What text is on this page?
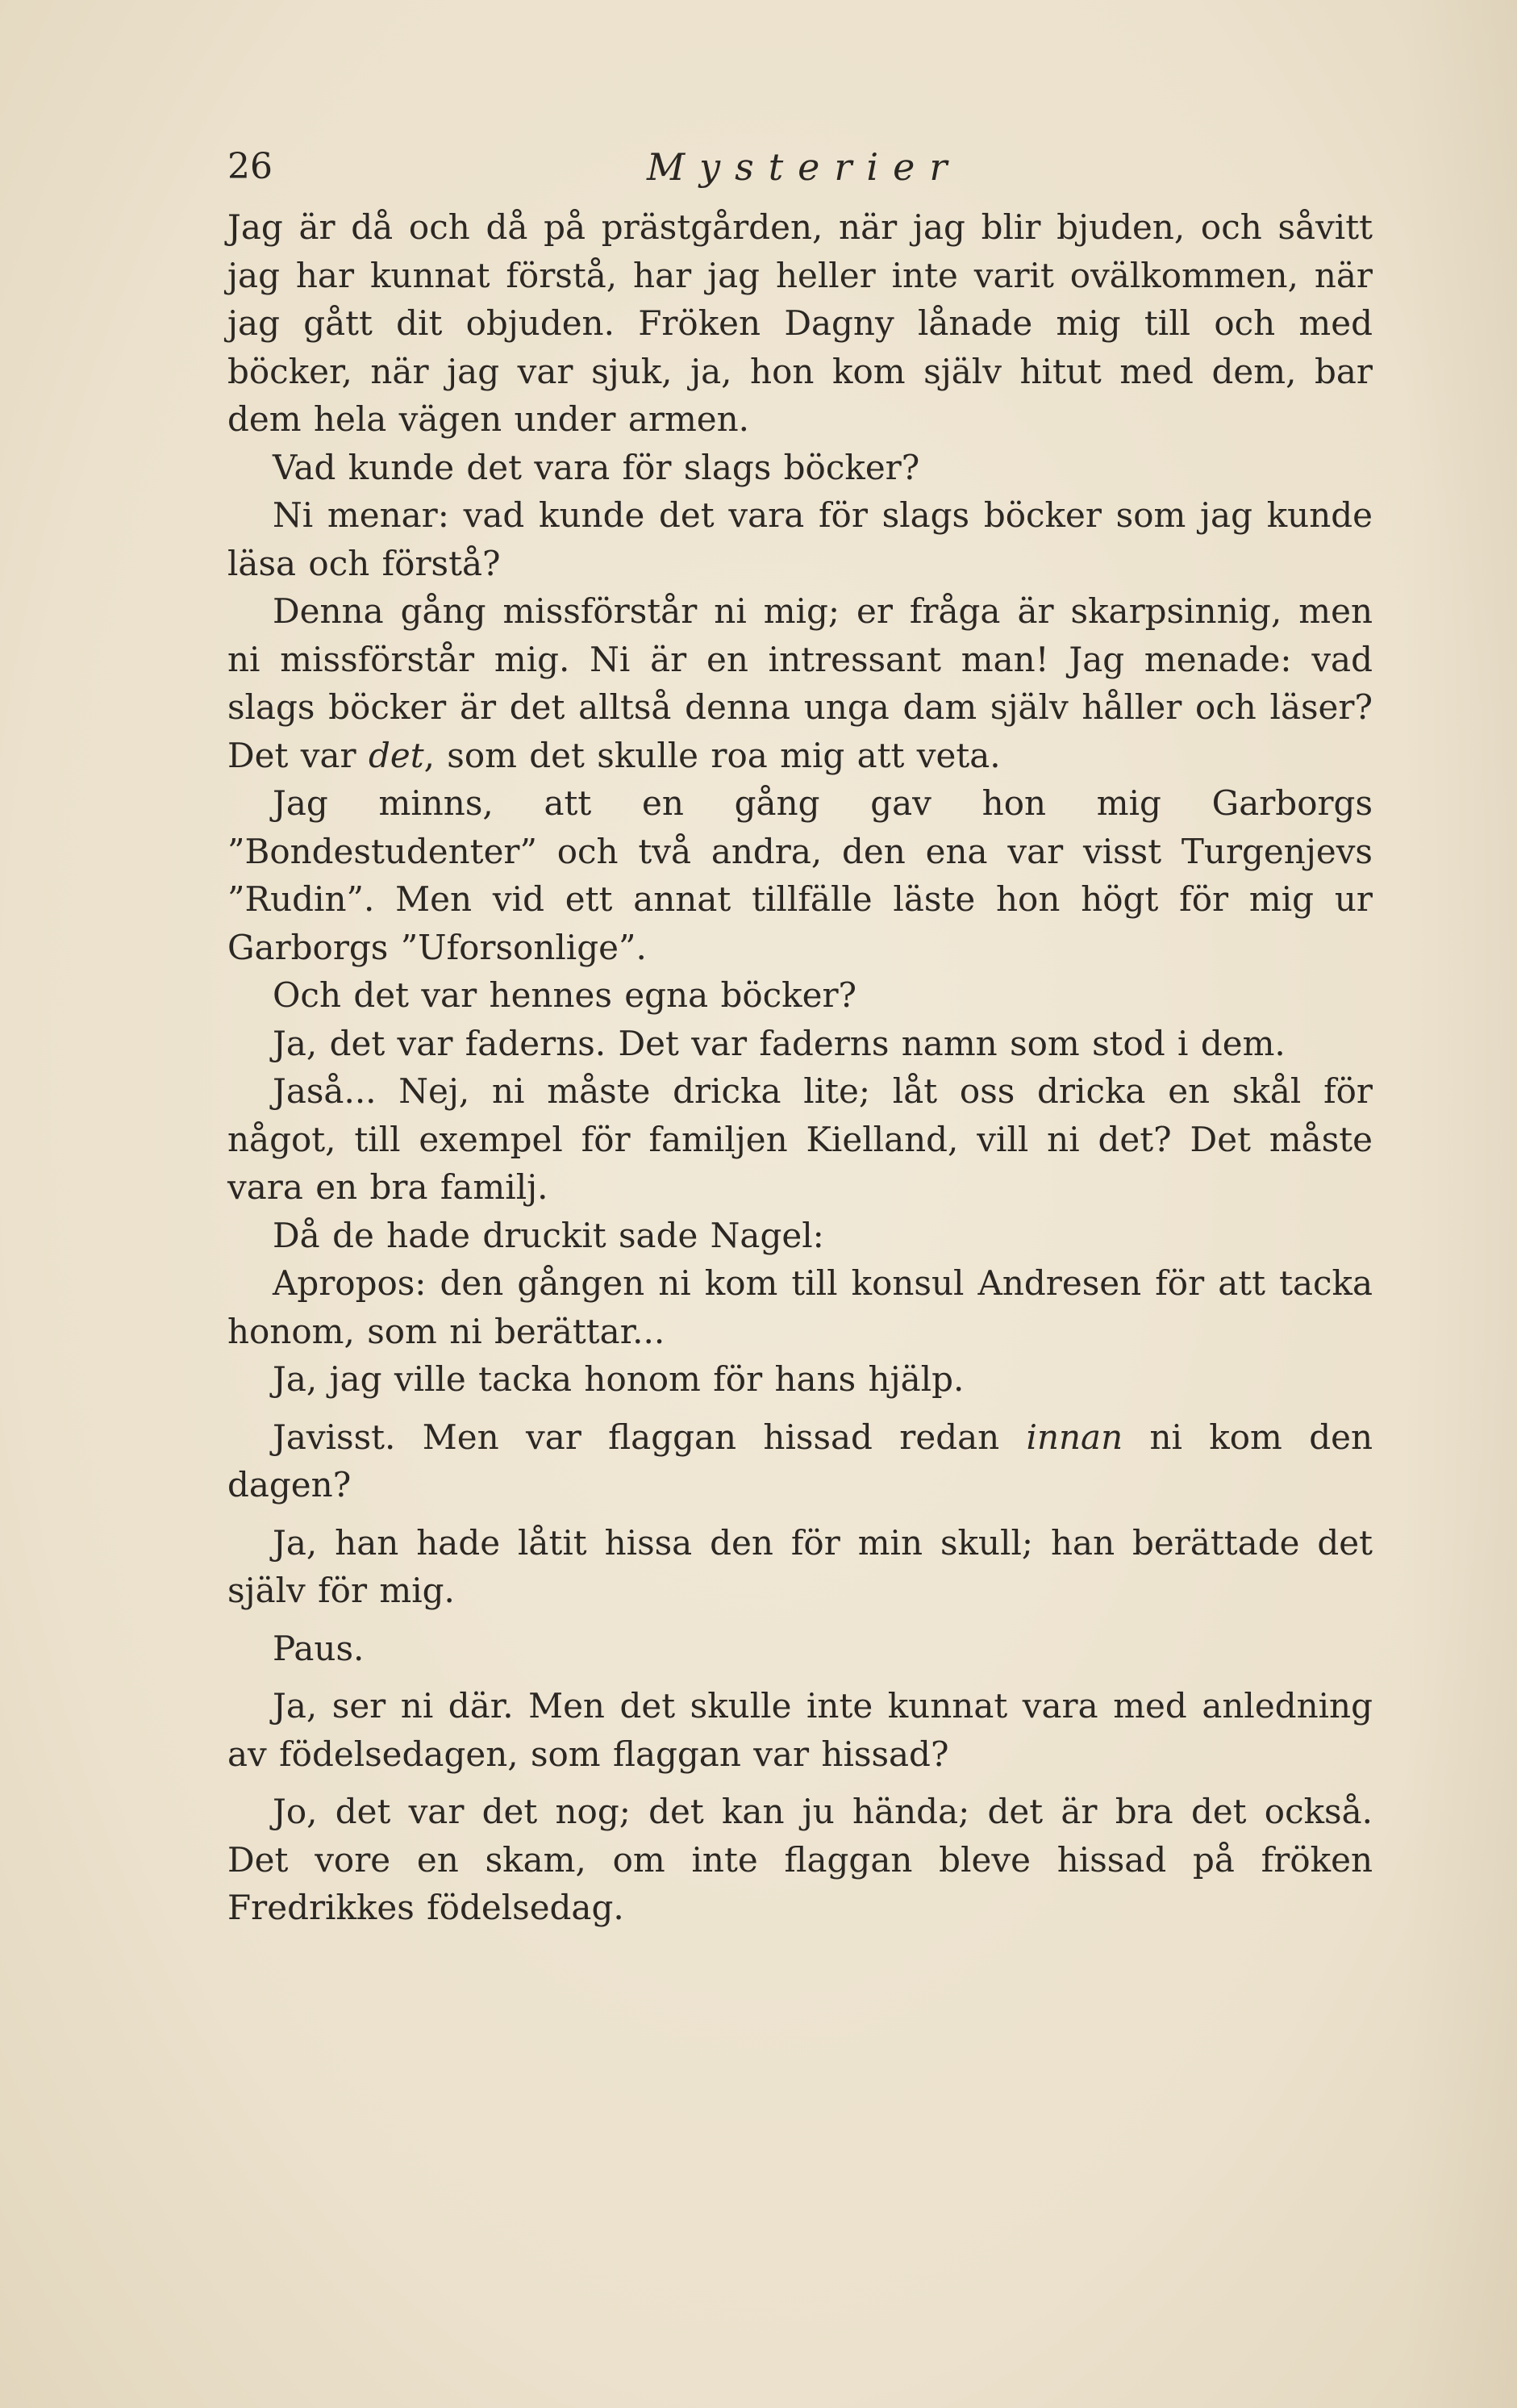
26	Mysterier

Jag är då och då på prästgården, när jag blir bjuden, och såvitt jag har kunnat förstå, har jag heller inte varit ovälkommen, när jag gått dit objuden. Fröken Dagny lånade mig till och med böcker, när jag var sjuk, ja, hon kom själv hitut med dem, bar dem hela vägen under armen.

Vad kunde det vara för slags böcker?

Ni menar: vad kunde det vara för slags böcker som jag kunde läsa och förstå?

Denna gång missförstår ni mig; er fråga är skarpsinnig, men ni missförstår mig. Ni är en intressant man! Jag menade: vad slags böcker är det alltså denna unga dam själv håller och läser? Det var det, som det skulle roa mig att veta.

Jag minns, att en gång gav hon mig Garborgs ”Bondestudenter” och två andra, den ena var visst Turgenjevs ”Rudin”. Men vid ett annat tillfälle läste hon högt för mig ur Garborgs ”Uforsonlige”.

Och det var hennes egna böcker?

Ja, det var faderns. Det var faderns namn som stod i dem.

Jaså... Nej, ni måste dricka lite; låt oss dricka en skål för något, till exempel för familjen Kielland, vill ni det? Det måste vara en bra familj.

Då de hade druckit sade Nagel:

Apropos: den gången ni kom till konsul Andresen för att tacka honom, som ni berättar...

Ja, jag ville tacka honom för hans hjälp.

Javisst. Men var flaggan hissad redan innan ni kom den dagen?

Ja, han hade låtit hissa den för min skull; han berättade det själv för mig.

Paus.

Ja, ser ni där. Men det skulle inte kunnat vara med anledning av födelsedagen, som flaggan var hissad?

Jo, det var det nog; det kan ju hända; det är bra det också. Det vore en skam, om inte flaggan bleve hissad på fröken Fredrikkes födelsedag.
